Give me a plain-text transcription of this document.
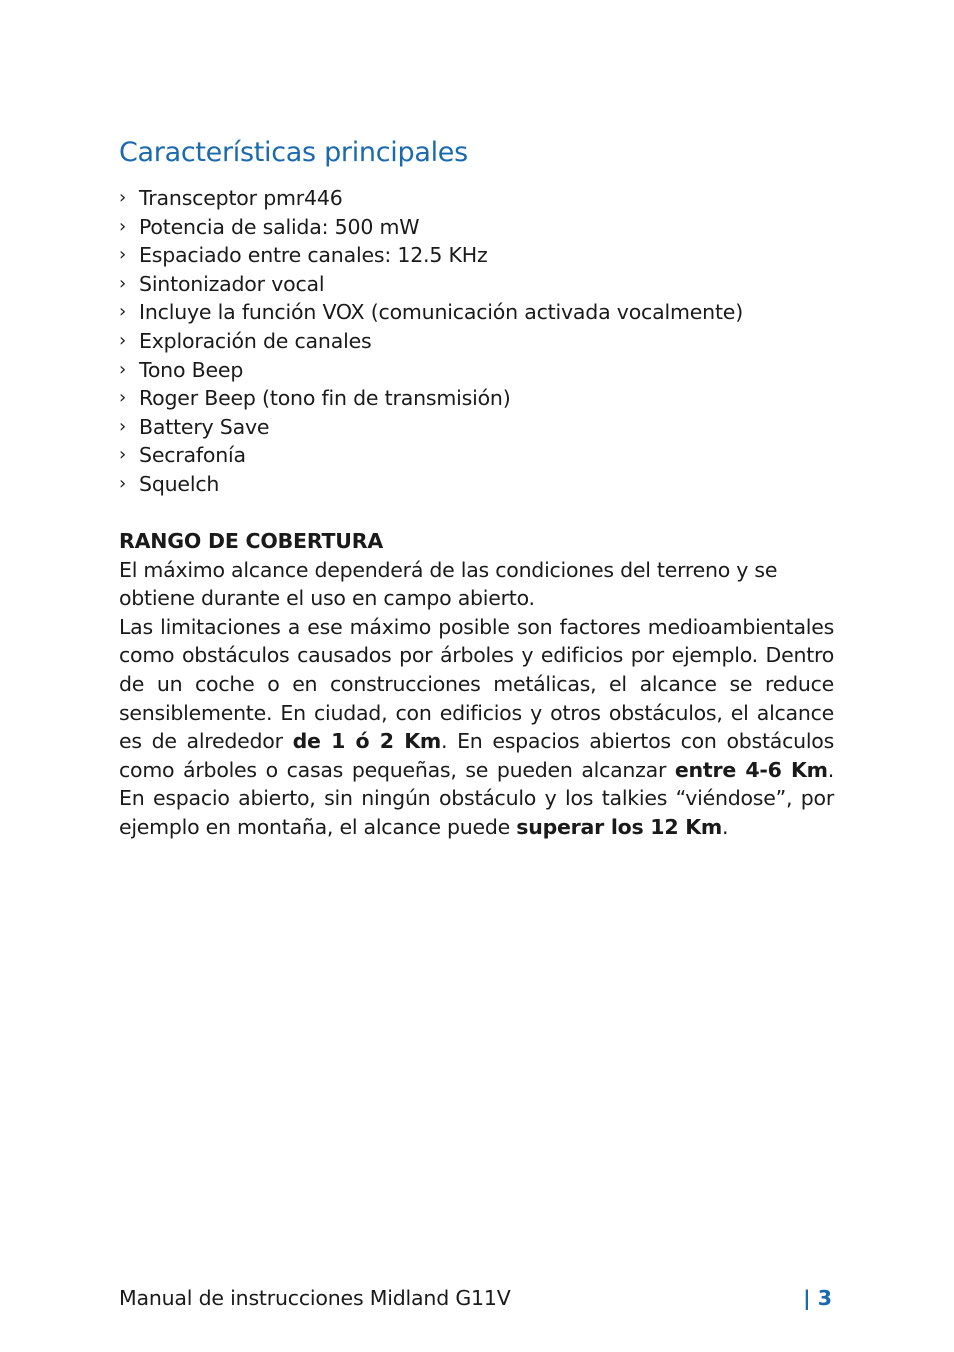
Características principales
› Transceptor pmr446
› Potencia de salida: 500 mW
› Espaciado entre canales: 12.5 KHz
› Sintonizador vocal
› Incluye la función VOX (comunicación activada vocalmente)
› Exploración de canales
› Tono Beep
› Roger Beep (tono fin de transmisión)
› Battery Save
› Secrafonía
› Squelch
RANGO DE COBERTURA

El máximo alcance dependerá de las condiciones del terreno y se obtiene durante el uso en campo abierto.

Las limitaciones a ese máximo posible son factores medioambientales como obstáculos causados por árboles y edificios por ejemplo. Dentro de un coche o en construcciones metálicas, el alcance se reduce sensiblemente. En ciudad, con edificios y otros obstáculos, el alcance es de alrededor de 1 ó 2 Km. En espacios abiertos con obstáculos como árboles o casas pequeñas, se pueden alcanzar entre 4-6 Km. En espacio abierto, sin ningún obstáculo y los talkies “viéndose”, por ejemplo en montaña, el alcance puede superar los 12 Km.

Manual de instrucciones Midland G11V	| 3
